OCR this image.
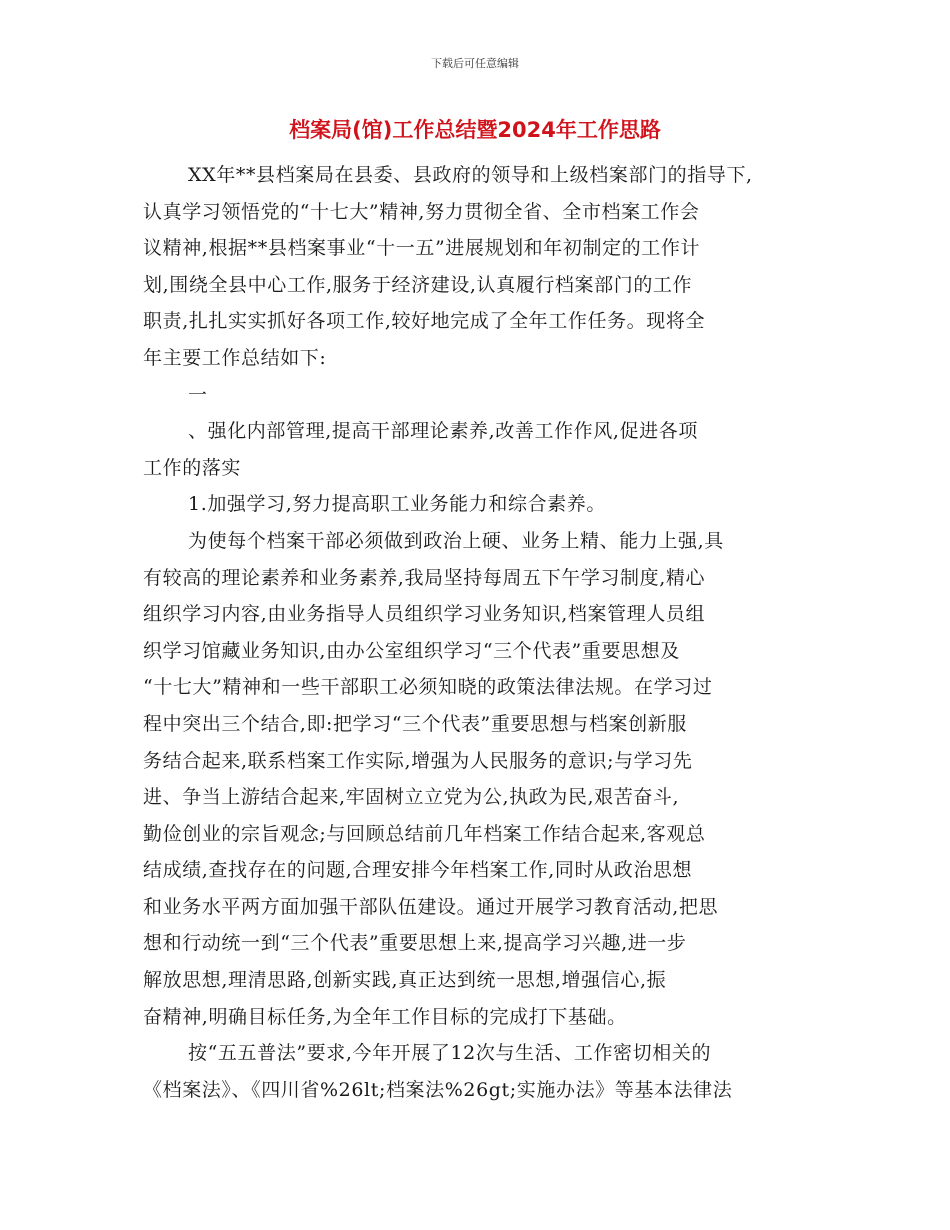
下载后可任意编辑
档案局(馆)工作总结暨2024年工作思路
XX年**县档案局在县委、县政府的领导和上级档案部门的指导下,
认真学习领悟党的“十七大”精神,努力贯彻全省、全市档案工作会
议精神,根据**县档案事业“十一五”进展规划和年初制定的工作计
划,围绕全县中心工作,服务于经济建设,认真履行档案部门的工作
职责,扎扎实实抓好各项工作,较好地完成了全年工作任务。现将全
年主要工作总结如下:
一
、强化内部管理,提高干部理论素养,改善工作作风,促进各项
工作的落实
1.加强学习,努力提高职工业务能力和综合素养。
为使每个档案干部必须做到政治上硬、业务上精、能力上强,具
有较高的理论素养和业务素养,我局坚持每周五下午学习制度,精心
组织学习内容,由业务指导人员组织学习业务知识,档案管理人员组
织学习馆藏业务知识,由办公室组织学习“三个代表”重要思想及
“十七大”精神和一些干部职工必须知晓的政策法律法规。在学习过
程中突出三个结合,即:把学习“三个代表”重要思想与档案创新服
务结合起来,联系档案工作实际,增强为人民服务的意识;与学习先
进、争当上游结合起来,牢固树立立党为公,执政为民,艰苦奋斗,
勤俭创业的宗旨观念;与回顾总结前几年档案工作结合起来,客观总
结成绩,查找存在的问题,合理安排今年档案工作,同时从政治思想
和业务水平两方面加强干部队伍建设。通过开展学习教育活动,把思
想和行动统一到“三个代表”重要思想上来,提高学习兴趣,进一步
解放思想,理清思路,创新实践,真正达到统一思想,增强信心,振
奋精神,明确目标任务,为全年工作目标的完成打下基础。
按“五五普法”要求,今年开展了12次与生活、工作密切相关的
《档案法》、《四川省%26lt;档案法%26gt;实施办法》等基本法律法
